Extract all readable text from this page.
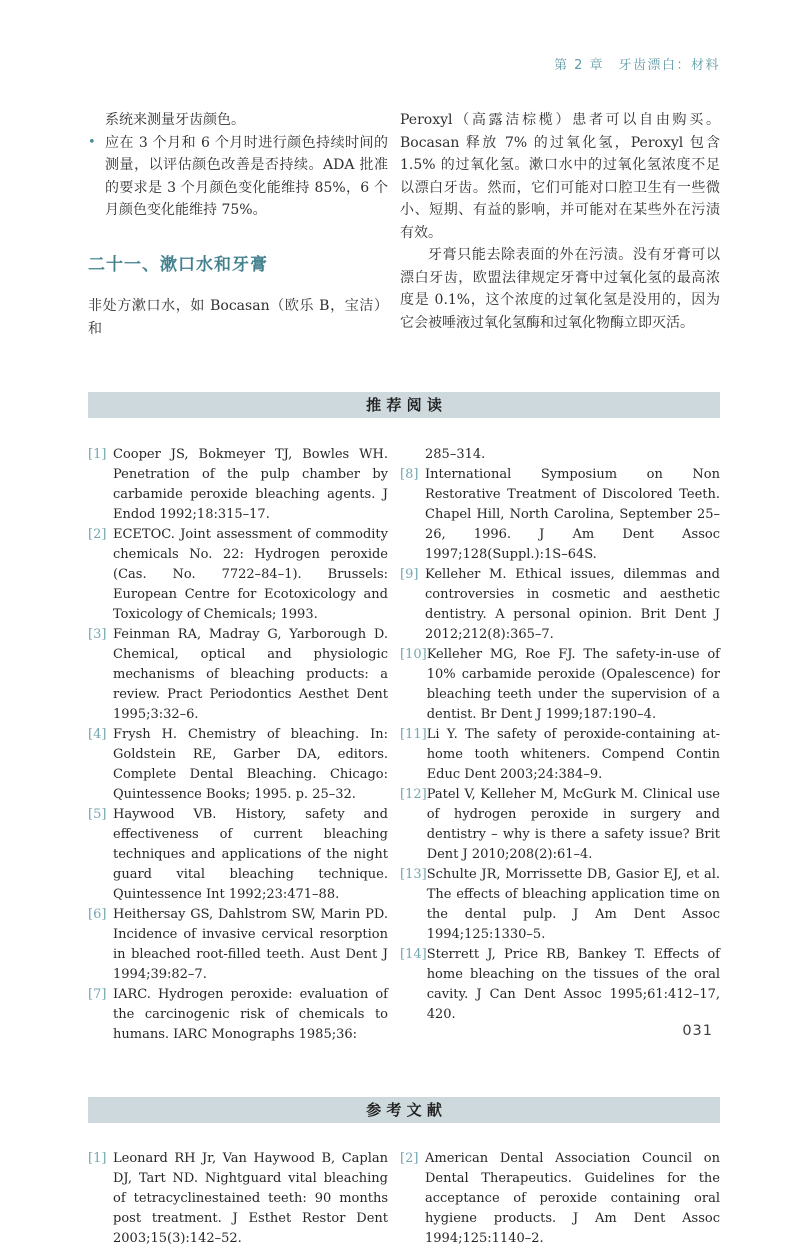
第 2 章　牙齿漂白：材料

系统来测量牙齿颜色。

• 应在 3 个月和 6 个月时进行颜色持续时间的测量，以评估颜色改善是否持续。ADA 批准的要求是 3 个月颜色变化能维持 85%，6 个月颜色变化能维持 75%。
二十一、漱口水和牙膏

非处方漱口水，如 Bocasan（欧乐 B，宝洁）和

Peroxyl（高露洁棕榄）患者可以自由购买。Bocasan 释放 7% 的过氧化氢，Peroxyl 包含 1.5% 的过氧化氢。漱口水中的过氧化氢浓度不足以漂白牙齿。然而，它们可能对口腔卫生有一些微小、短期、有益的影响，并可能对在某些外在污渍有效。

牙膏只能去除表面的外在污渍。没有牙膏可以漂白牙齿，欧盟法律规定牙膏中过氧化氢的最高浓度是 0.1%，这个浓度的过氧化氢是没用的，因为它会被唾液过氧化氢酶和过氧化物酶立即灭活。

推 荐 阅 读
[1] Cooper JS, Bokmeyer TJ, Bowles WH. Penetration of the pulp chamber by carbamide peroxide bleaching agents. J Endod 1992;18:315–17.
[2] ECETOC. Joint assessment of commodity chemicals No. 22: Hydrogen peroxide (Cas. No. 7722–84–1). Brussels: European Centre for Ecotoxicology and Toxicology of Chemicals; 1993.
[3] Feinman RA, Madray G, Yarborough D. Chemical, optical and physiologic mechanisms of bleaching products: a review. Pract Periodontics Aesthet Dent 1995;3:32–6.
[4] Frysh H. Chemistry of bleaching. In: Goldstein RE, Garber DA, editors. Complete Dental Bleaching. Chicago: Quintessence Books; 1995. p. 25–32.
[5] Haywood VB. History, safety and effectiveness of current bleaching techniques and applications of the night guard vital bleaching technique. Quintessence Int 1992;23:471–88.
[6] Heithersay GS, Dahlstrom SW, Marin PD. Incidence of invasive cervical resorption in bleached root-filled teeth. Aust Dent J 1994;39:82–7.
[7] IARC. Hydrogen peroxide: evaluation of the carcinogenic risk of chemicals to humans. IARC Monographs 1985;36:
285–314.
[8] International Symposium on Non Restorative Treatment of Discolored Teeth. Chapel Hill, North Carolina, September 25–26, 1996. J Am Dent Assoc 1997;128(Suppl.):1S–64S.
[9] Kelleher M. Ethical issues, dilemmas and controversies in cosmetic and aesthetic dentistry. A personal opinion. Brit Dent J 2012;212(8):365–7.
[10] Kelleher MG, Roe FJ. The safety-in-use of 10% carbamide peroxide (Opalescence) for bleaching teeth under the supervision of a dentist. Br Dent J 1999;187:190–4.
[11] Li Y. The safety of peroxide-containing at-home tooth whiteners. Compend Contin Educ Dent 2003;24:384–9.
[12] Patel V, Kelleher M, McGurk M. Clinical use of hydrogen peroxide in surgery and dentistry – why is there a safety issue? Brit Dent J 2010;208(2):61–4.
[13] Schulte JR, Morrissette DB, Gasior EJ, et al. The effects of bleaching application time on the dental pulp. J Am Dent Assoc 1994;125:1330–5.
[14] Sterrett J, Price RB, Bankey T. Effects of home bleaching on the tissues of the oral cavity. J Can Dent Assoc 1995;61:412–17, 420.
参 考 文 献
[1] Leonard RH Jr, Van Haywood B, Caplan DJ, Tart ND. Nightguard vital bleaching of tetracyclinestained teeth: 90 months post treatment. J Esthet Restor Dent 2003;15(3):142–52.
[2] American Dental Association Council on Dental Therapeutics. Guidelines for the acceptance of peroxide containing oral hygiene products. J Am Dent Assoc 1994;125:1140–2.
031
